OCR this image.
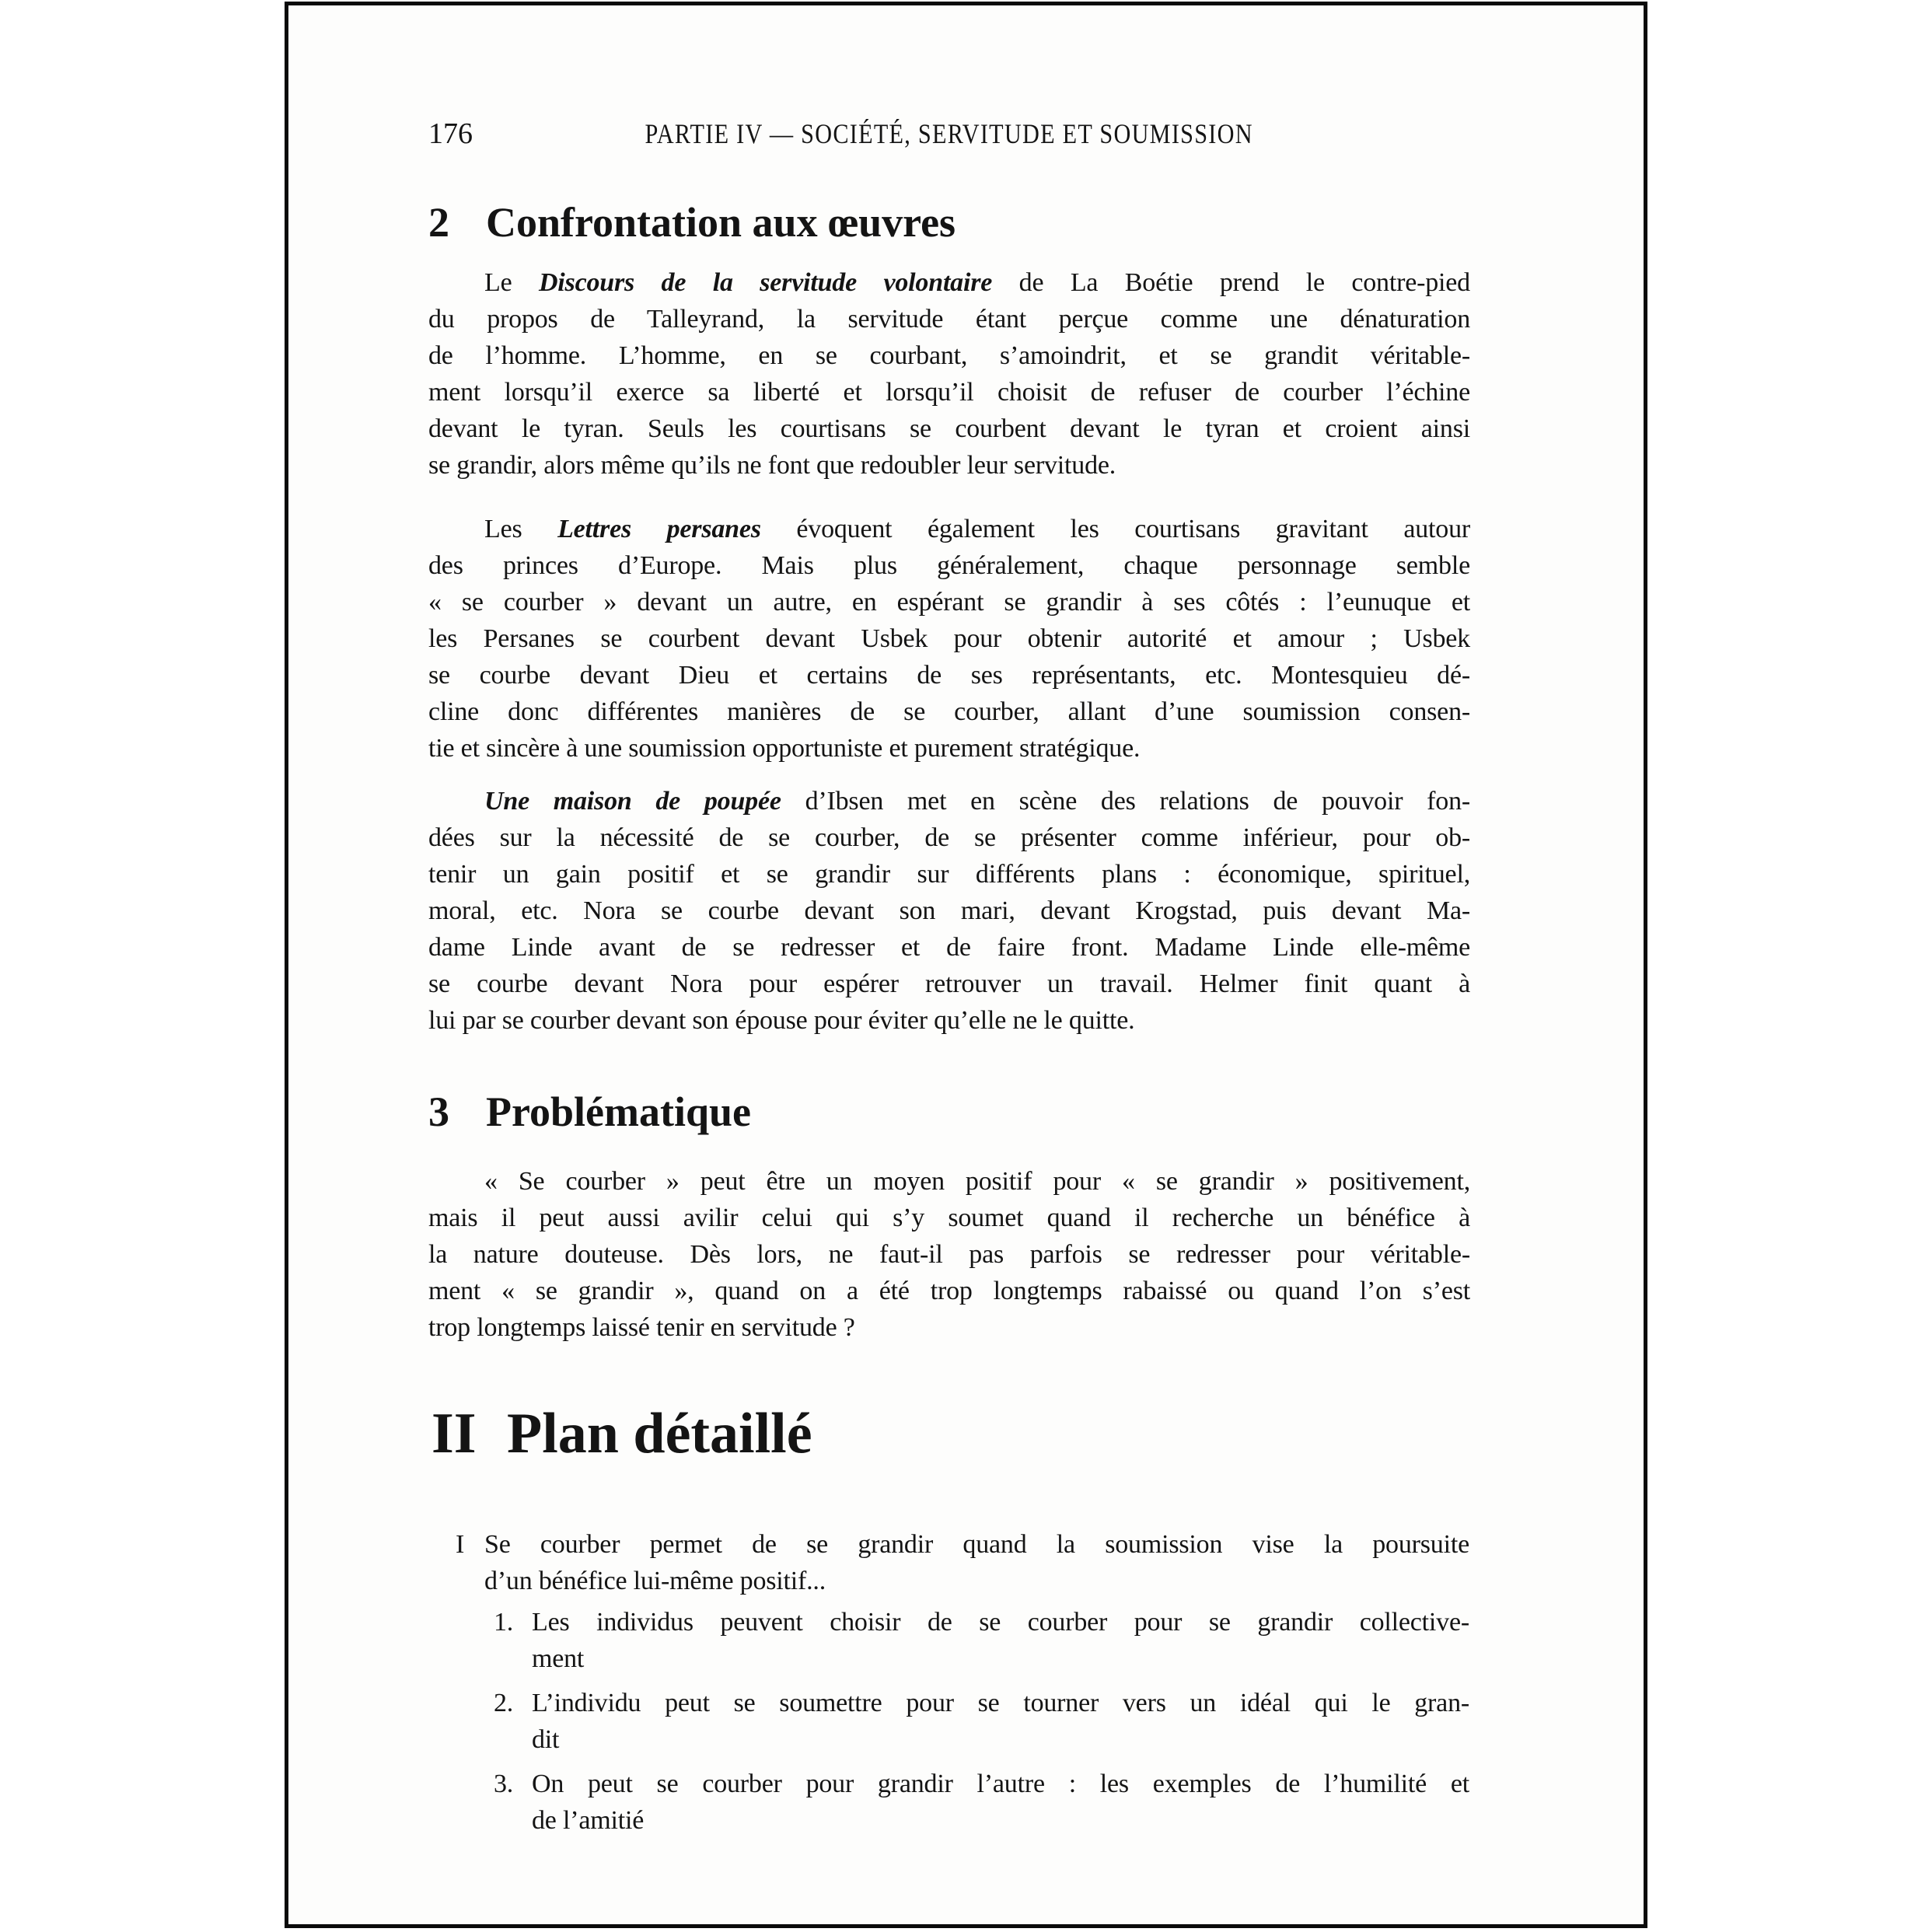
176	PARTIE IV — SOCIÉTÉ, SERVITUDE ET SOUMISSION
2 Confrontation aux œuvres
Le Discours de la servitude volontaire de La Boétie prend le contre-pied
du propos de Talleyrand, la servitude étant perçue comme une dénaturation
de l’homme. L’homme, en se courbant, s’amoindrit, et se grandit véritable-
ment lorsqu’il exerce sa liberté et lorsqu’il choisit de refuser de courber l’échine
devant le tyran. Seuls les courtisans se courbent devant le tyran et croient ainsi
se grandir, alors même qu’ils ne font que redoubler leur servitude.
Les Lettres persanes évoquent également les courtisans gravitant autour
des princes d’Europe. Mais plus généralement, chaque personnage semble
« se courber » devant un autre, en espérant se grandir à ses côtés : l’eunuque et
les Persanes se courbent devant Usbek pour obtenir autorité et amour ; Usbek
se courbe devant Dieu et certains de ses représentants, etc. Montesquieu dé-
cline donc différentes manières de se courber, allant d’une soumission consen-
tie et sincère à une soumission opportuniste et purement stratégique.
Une maison de poupée d’Ibsen met en scène des relations de pouvoir fon-
dées sur la nécessité de se courber, de se présenter comme inférieur, pour ob-
tenir un gain positif et se grandir sur différents plans : économique, spirituel,
moral, etc. Nora se courbe devant son mari, devant Krogstad, puis devant Ma-
dame Linde avant de se redresser et de faire front. Madame Linde elle-même
se courbe devant Nora pour espérer retrouver un travail. Helmer finit quant à
lui par se courber devant son épouse pour éviter qu’elle ne le quitte.
3 Problématique
« Se courber » peut être un moyen positif pour « se grandir » positivement,
mais il peut aussi avilir celui qui s’y soumet quand il recherche un bénéfice à
la nature douteuse. Dès lors, ne faut-il pas parfois se redresser pour véritable-
ment « se grandir », quand on a été trop longtemps rabaissé ou quand l’on s’est
trop longtemps laissé tenir en servitude ?
II Plan détaillé
I Se courber permet de se grandir quand la soumission vise la poursuite
d’un bénéfice lui-même positif...
1. Les individus peuvent choisir de se courber pour se grandir collective-
ment
2. L’individu peut se soumettre pour se tourner vers un idéal qui le gran-
dit
3. On peut se courber pour grandir l’autre : les exemples de l’humilité et
de l’amitié
